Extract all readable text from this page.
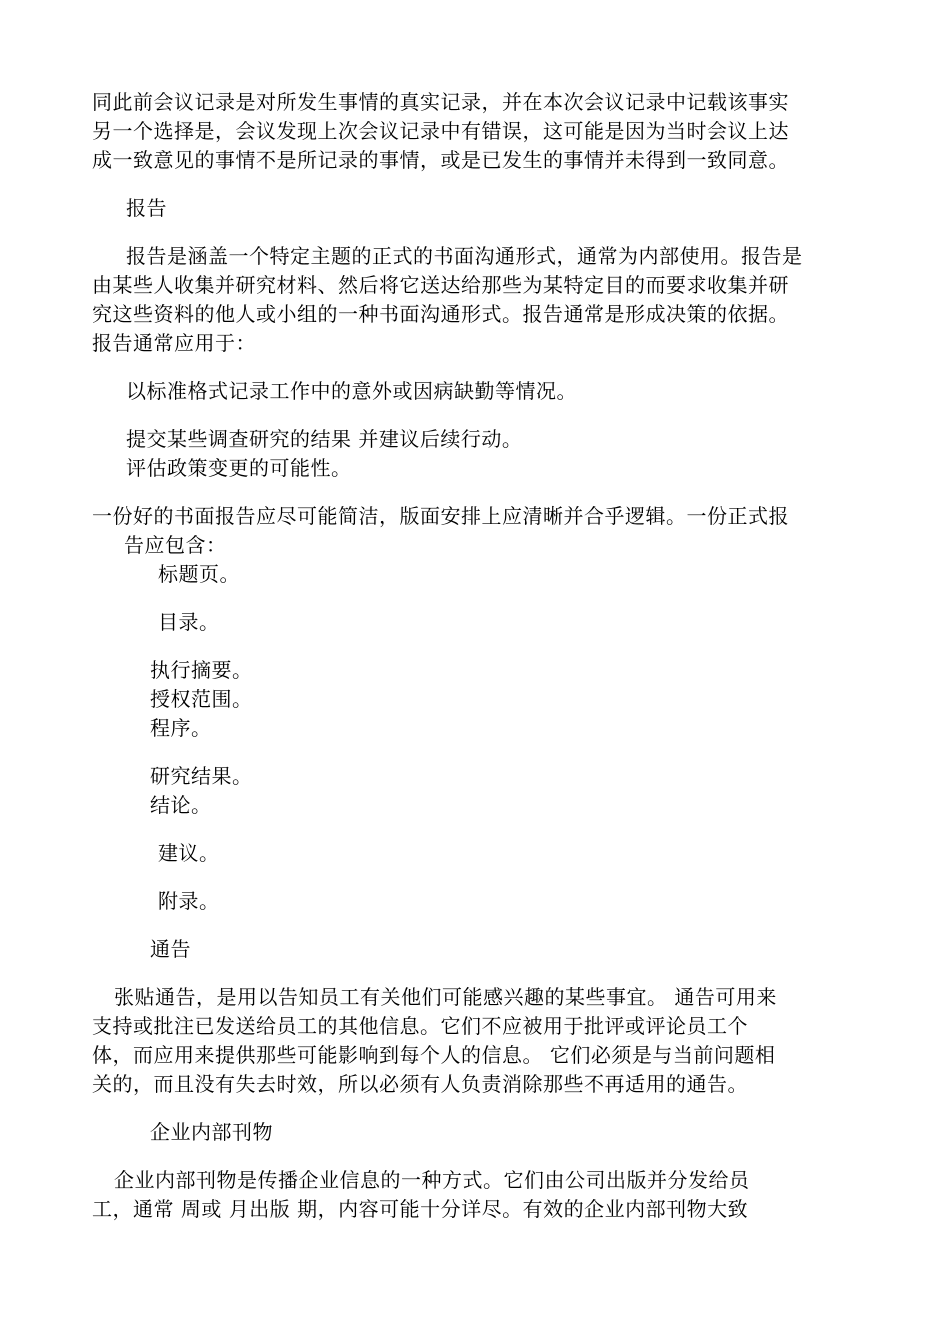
同此前会议记录是对所发生事情的真实记录，并在本次会议记录中记载该事实

另一个选择是，会议发现上次会议记录中有错误，这可能是因为当时会议上达

成一致意见的事情不是所记录的事情，或是已发生的事情并未得到一致同意。

报告

报告是涵盖一个特定主题的正式的书面沟通形式，通常为内部使用。报告是

由某些人收集并研究材料、然后将它送达给那些为某特定目的而要求收集并研

究这些资料的他人或小组的一种书面沟通形式。报告通常是形成决策的依据。

报告通常应用于：

以标准格式记录工作中的意外或因病缺勤等情况。

提交某些调查研究的结果 并建议后续行动。

评估政策变更的可能性。

一份好的书面报告应尽可能简洁，版面安排上应清晰并合乎逻辑。一份正式报

告应包含：

标题页。

目录。

执行摘要。

授权范围。

程序。

研究结果。

结论。

建议。

附录。

通告

张贴通告，是用以告知员工有关他们可能感兴趣的某些事宜。 通告可用来

支持或批注已发送给员工的其他信息。它们不应被用于批评或评论员工个

体，而应用来提供那些可能影响到每个人的信息。 它们必须是与当前问题相

关的，而且没有失去时效，所以必须有人负责消除那些不再适用的通告。

企业内部刊物

企业内部刊物是传播企业信息的一种方式。它们由公司出版并分发给员

工，通常 周或 月出版 期，内容可能十分详尽。有效的企业内部刊物大致
